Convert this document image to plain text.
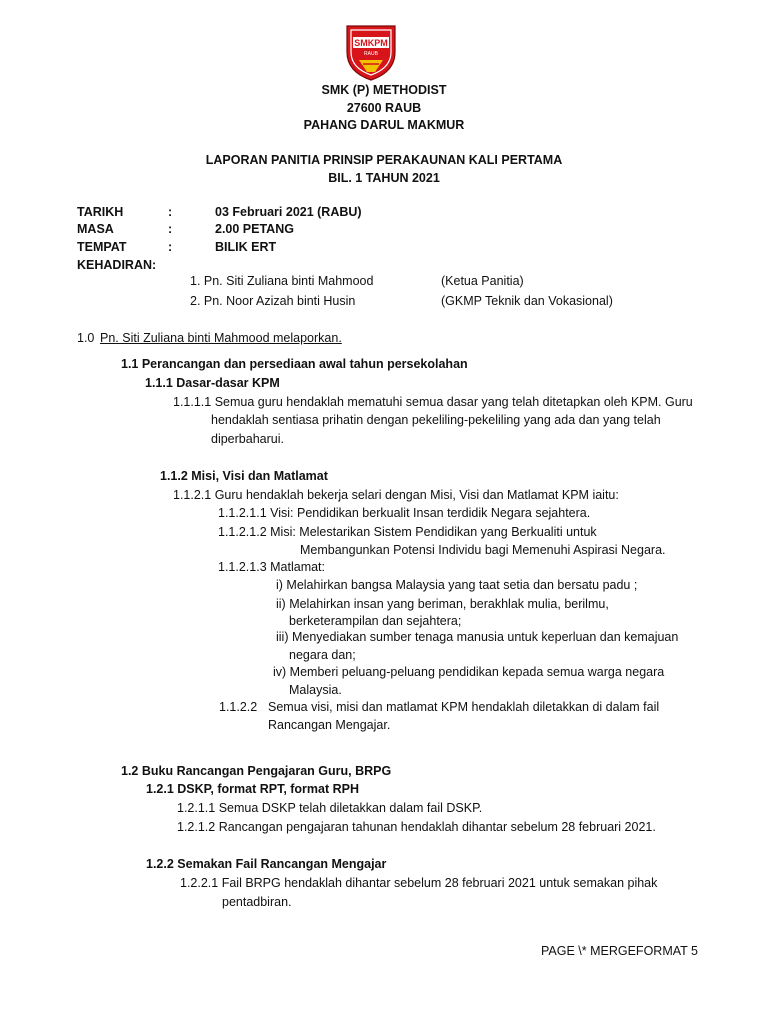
SMKPM
RAUB
SMK (P) METHODIST
27600 RAUB
PAHANG DARUL MAKMUR
LAPORAN PANITIA PRINSIP PERAKAUNAN KALI PERTAMA
BIL. 1 TAHUN 2021
TARIKH	:	03 Februari 2021 (RABU)
MASA	:	2.00 PETANG
TEMPAT	:	BILIK ERT
KEHADIRAN:
1. Pn. Siti Zuliana binti Mahmood	(Ketua Panitia)
2. Pn. Noor Azizah binti Husin	(GKMP Teknik dan Vokasional)
1.0 Pn. Siti Zuliana binti Mahmood melaporkan.
1.1 Perancangan dan persediaan awal tahun persekolahan
1.1.1 Dasar-dasar KPM
1.1.1.1 Semua guru hendaklah mematuhi semua dasar yang telah ditetapkan oleh KPM. Guru
hendaklah sentiasa prihatin dengan pekeliling-pekeliling yang ada dan yang telah
diperbaharui.
1.1.2 Misi, Visi dan Matlamat
1.1.2.1 Guru hendaklah bekerja selari dengan Misi, Visi dan Matlamat KPM iaitu:
1.1.2.1.1 Visi: Pendidikan berkualit Insan terdidik Negara sejahtera.
1.1.2.1.2 Misi: Melestarikan Sistem Pendidikan yang Berkualiti untuk
Membangunkan Potensi Individu bagi Memenuhi Aspirasi Negara.
1.1.2.1.3 Matlamat:
i) Melahirkan bangsa Malaysia yang taat setia dan bersatu padu ;
ii) Melahirkan insan yang beriman, berakhlak mulia, berilmu,
berketerampilan dan sejahtera;
iii) Menyediakan sumber tenaga manusia untuk keperluan dan kemajuan
negara dan;
iv) Memberi peluang-peluang pendidikan kepada semua warga negara
Malaysia.
1.1.2.2 Semua visi, misi dan matlamat KPM hendaklah diletakkan di dalam fail
Rancangan Mengajar.
1.2 Buku Rancangan Pengajaran Guru, BRPG
1.2.1 DSKP, format RPT, format RPH
1.2.1.1 Semua DSKP telah diletakkan dalam fail DSKP.
1.2.1.2 Rancangan pengajaran tahunan hendaklah dihantar sebelum 28 februari 2021.
1.2.2 Semakan Fail Rancangan Mengajar
1.2.2.1 Fail BRPG hendaklah dihantar sebelum 28 februari 2021 untuk semakan pihak
pentadbiran.
PAGE \* MERGEFORMAT 5
